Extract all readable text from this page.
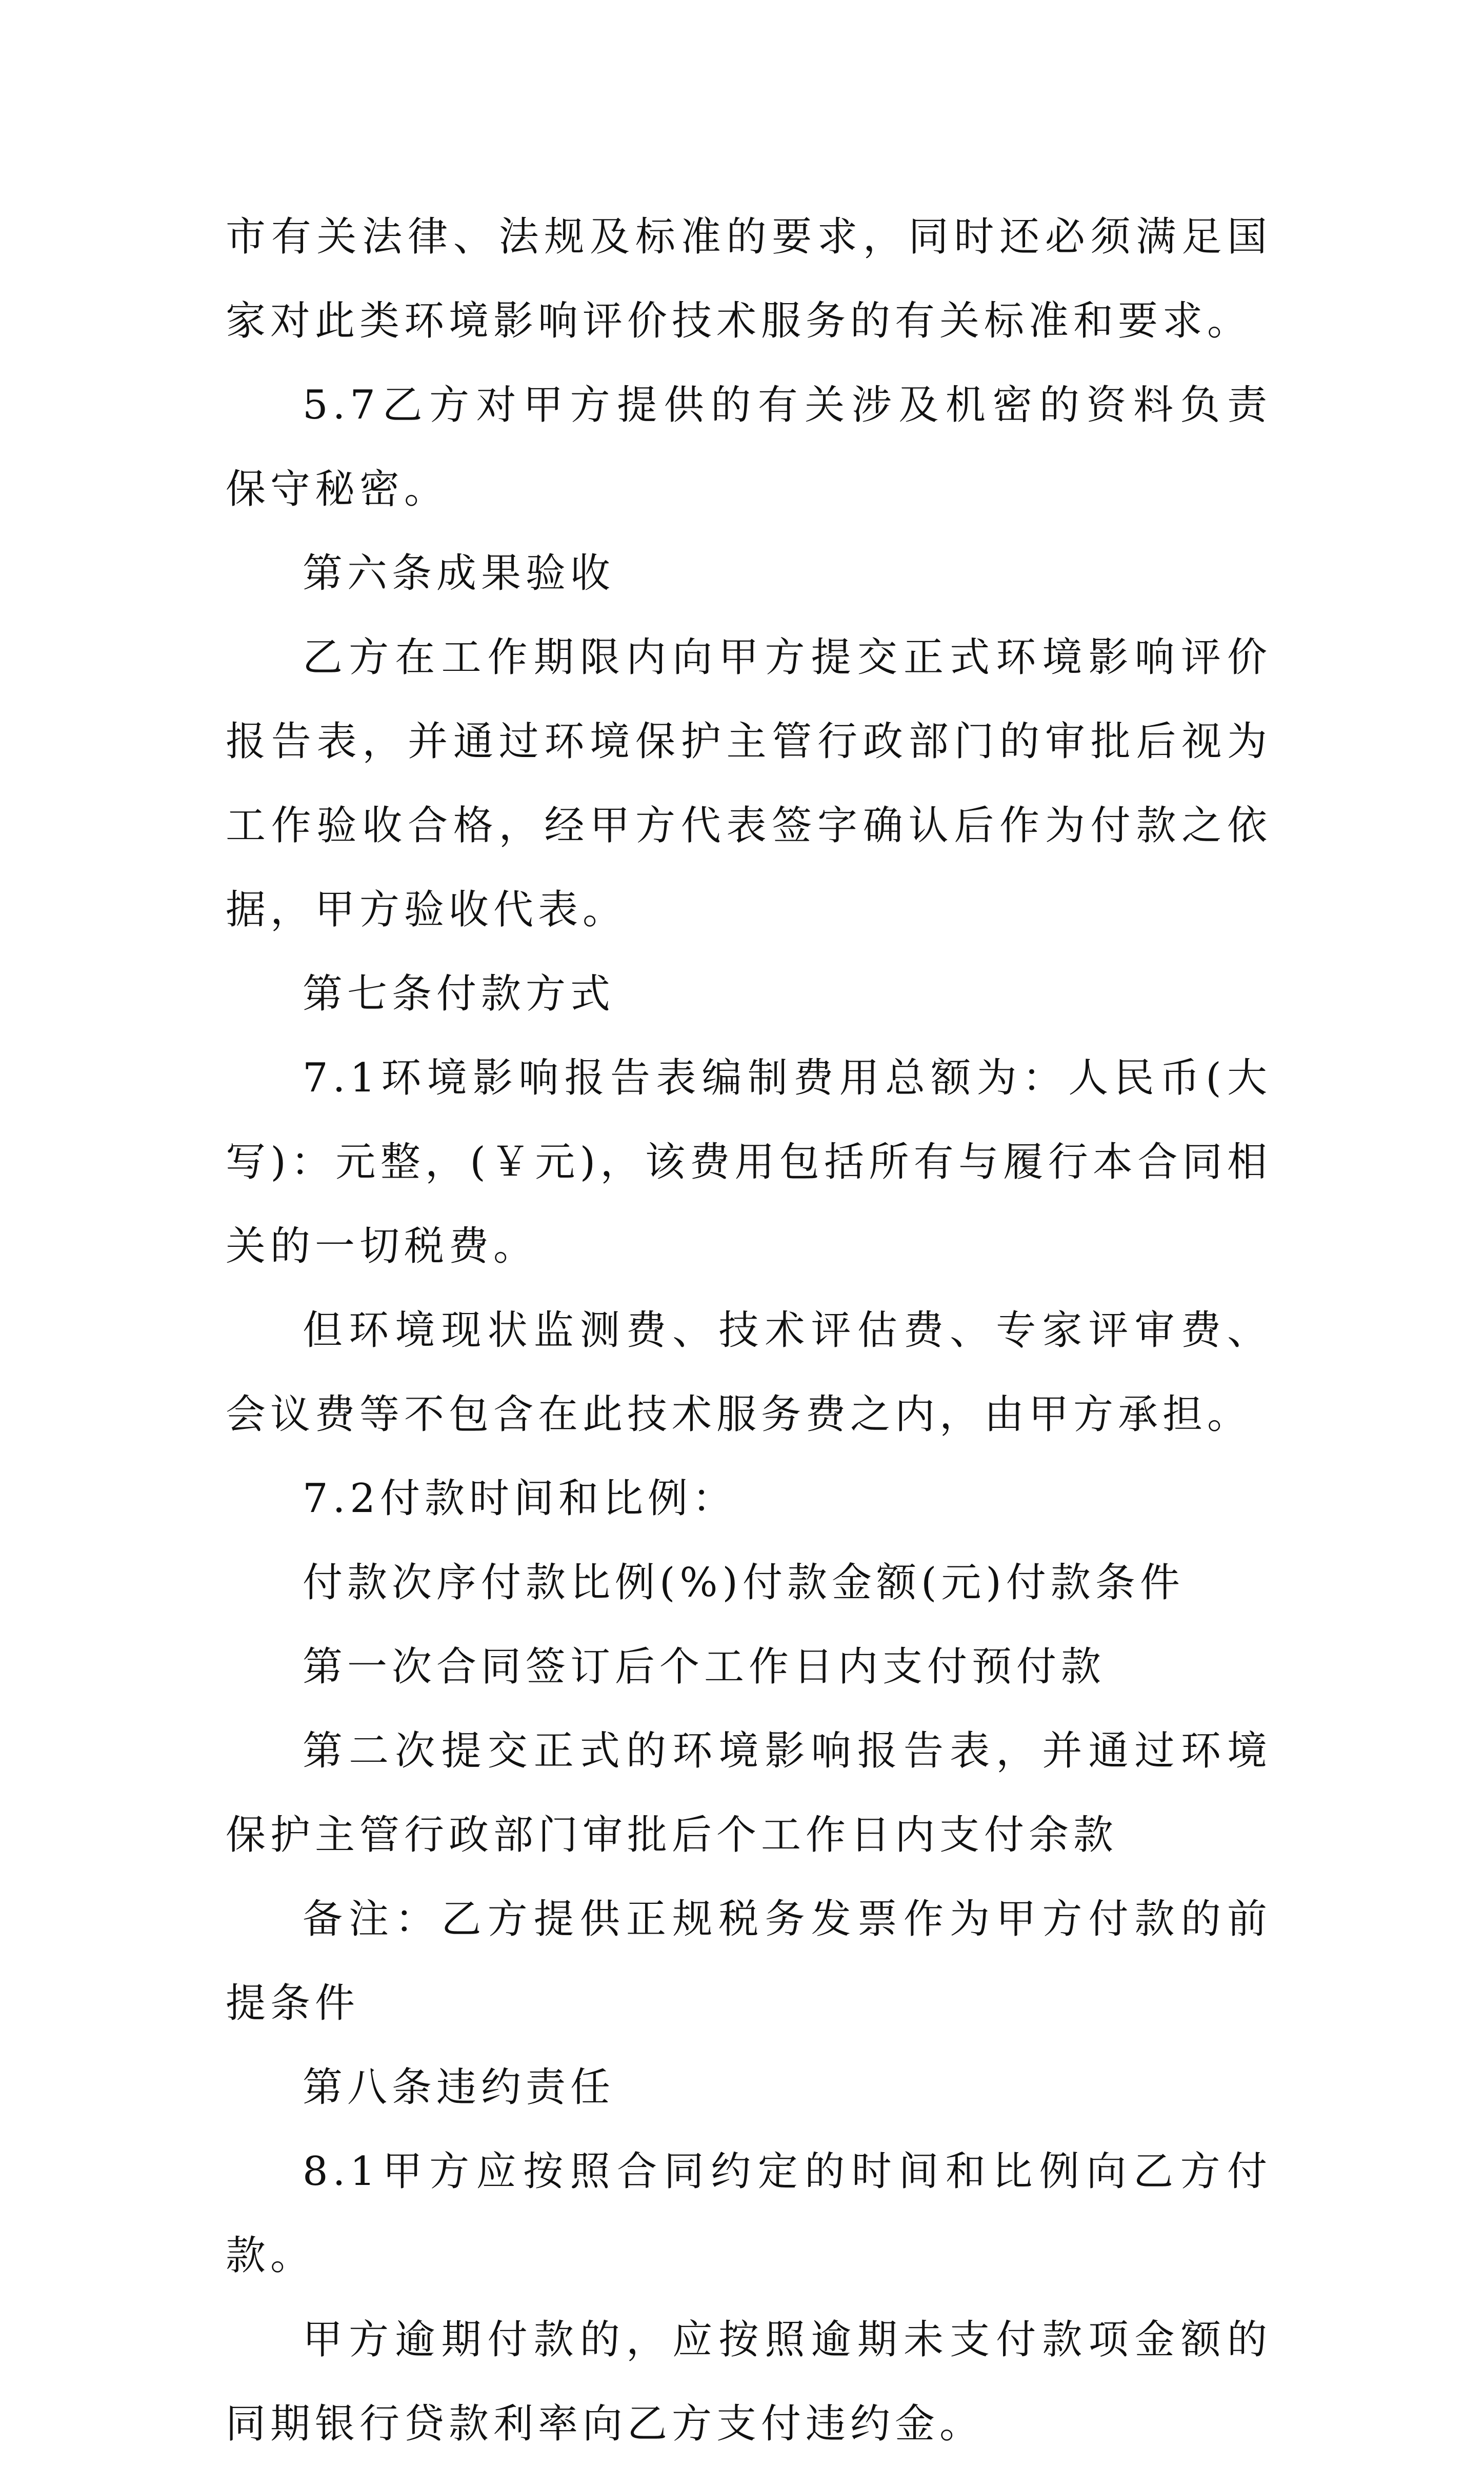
市有关法律、法规及标准的要求，同时还必须满足国家对此类环境影响评价技术服务的有关标准和要求。

5.7乙方对甲方提供的有关涉及机密的资料负责保守秘密。

第六条成果验收

乙方在工作期限内向甲方提交正式环境影响评价报告表，并通过环境保护主管行政部门的审批后视为工作验收合格，经甲方代表签字确认后作为付款之依据，甲方验收代表。

第七条付款方式

7.1环境影响报告表编制费用总额为：人民币(大写)：元整，(￥元)，该费用包括所有与履行本合同相关的一切税费。

但环境现状监测费、技术评估费、专家评审费、会议费等不包含在此技术服务费之内，由甲方承担。

7.2付款时间和比例：

付款次序付款比例(%)付款金额(元)付款条件

第一次合同签订后个工作日内支付预付款

第二次提交正式的环境影响报告表，并通过环境保护主管行政部门审批后个工作日内支付余款

备注：乙方提供正规税务发票作为甲方付款的前提条件

第八条违约责任

8.1甲方应按照合同约定的时间和比例向乙方付款。

甲方逾期付款的，应按照逾期未支付款项金额的同期银行贷款利率向乙方支付违约金。
